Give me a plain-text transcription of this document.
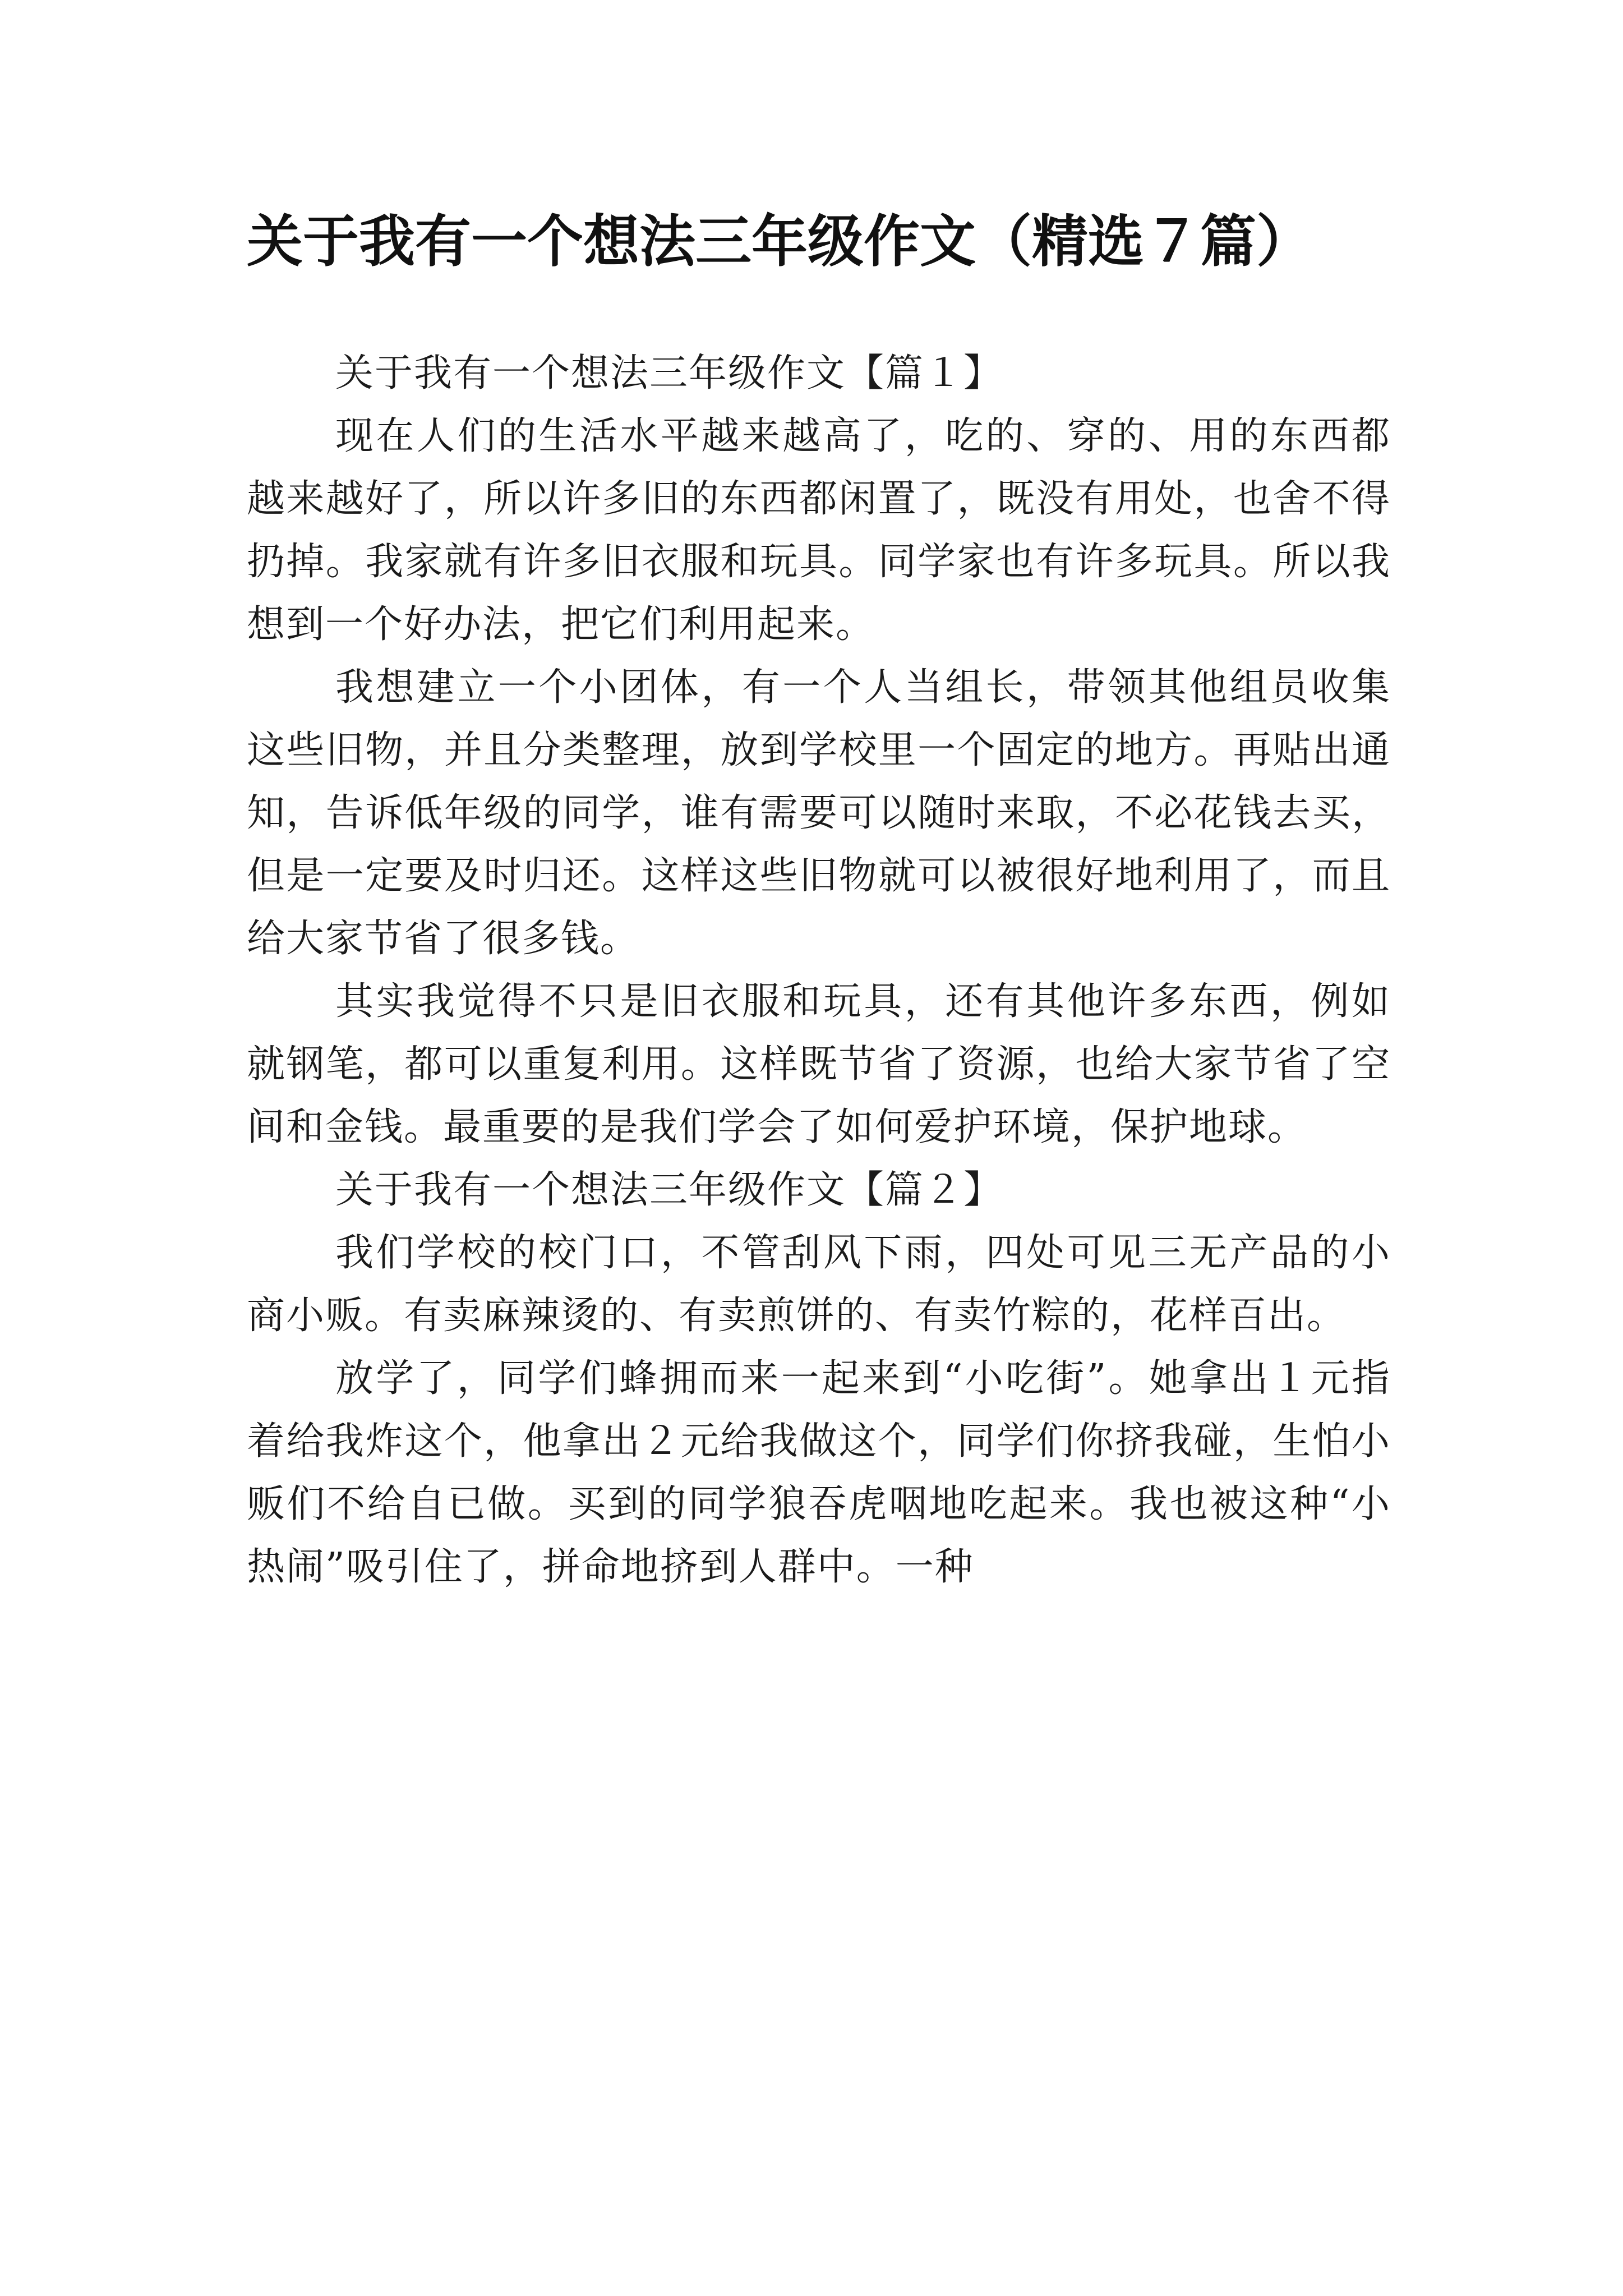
关于我有一个想法三年级作文（精选７篇）

关于我有一个想法三年级作文【篇１】

现在人们的生活水平越来越高了，吃的、穿的、用的东西都越来越好了，所以许多旧的东西都闲置了，既没有用处，也舍不得扔掉。我家就有许多旧衣服和玩具。同学家也有许多玩具。所以我想到一个好办法，把它们利用起来。

我想建立一个小团体，有一个人当组长，带领其他组员收集这些旧物，并且分类整理，放到学校里一个固定的地方。再贴出通知，告诉低年级的同学，谁有需要可以随时来取，不必花钱去买，但是一定要及时归还。这样这些旧物就可以被很好地利用了，而且给大家节省了很多钱。

其实我觉得不只是旧衣服和玩具，还有其他许多东西，例如就钢笔，都可以重复利用。这样既节省了资源，也给大家节省了空间和金钱。最重要的是我们学会了如何爱护环境，保护地球。

关于我有一个想法三年级作文【篇２】

我们学校的校门口，不管刮风下雨，四处可见三无产品的小商小贩。有卖麻辣烫的、有卖煎饼的、有卖竹粽的，花样百出。

放学了，同学们蜂拥而来一起来到“小吃街”。她拿出１元指着给我炸这个，他拿出２元给我做这个，同学们你挤我碰，生怕小贩们不给自已做。买到的同学狼吞虎咽地吃起来。我也被这种“小热闹”吸引住了，拼命地挤到人群中。一种
